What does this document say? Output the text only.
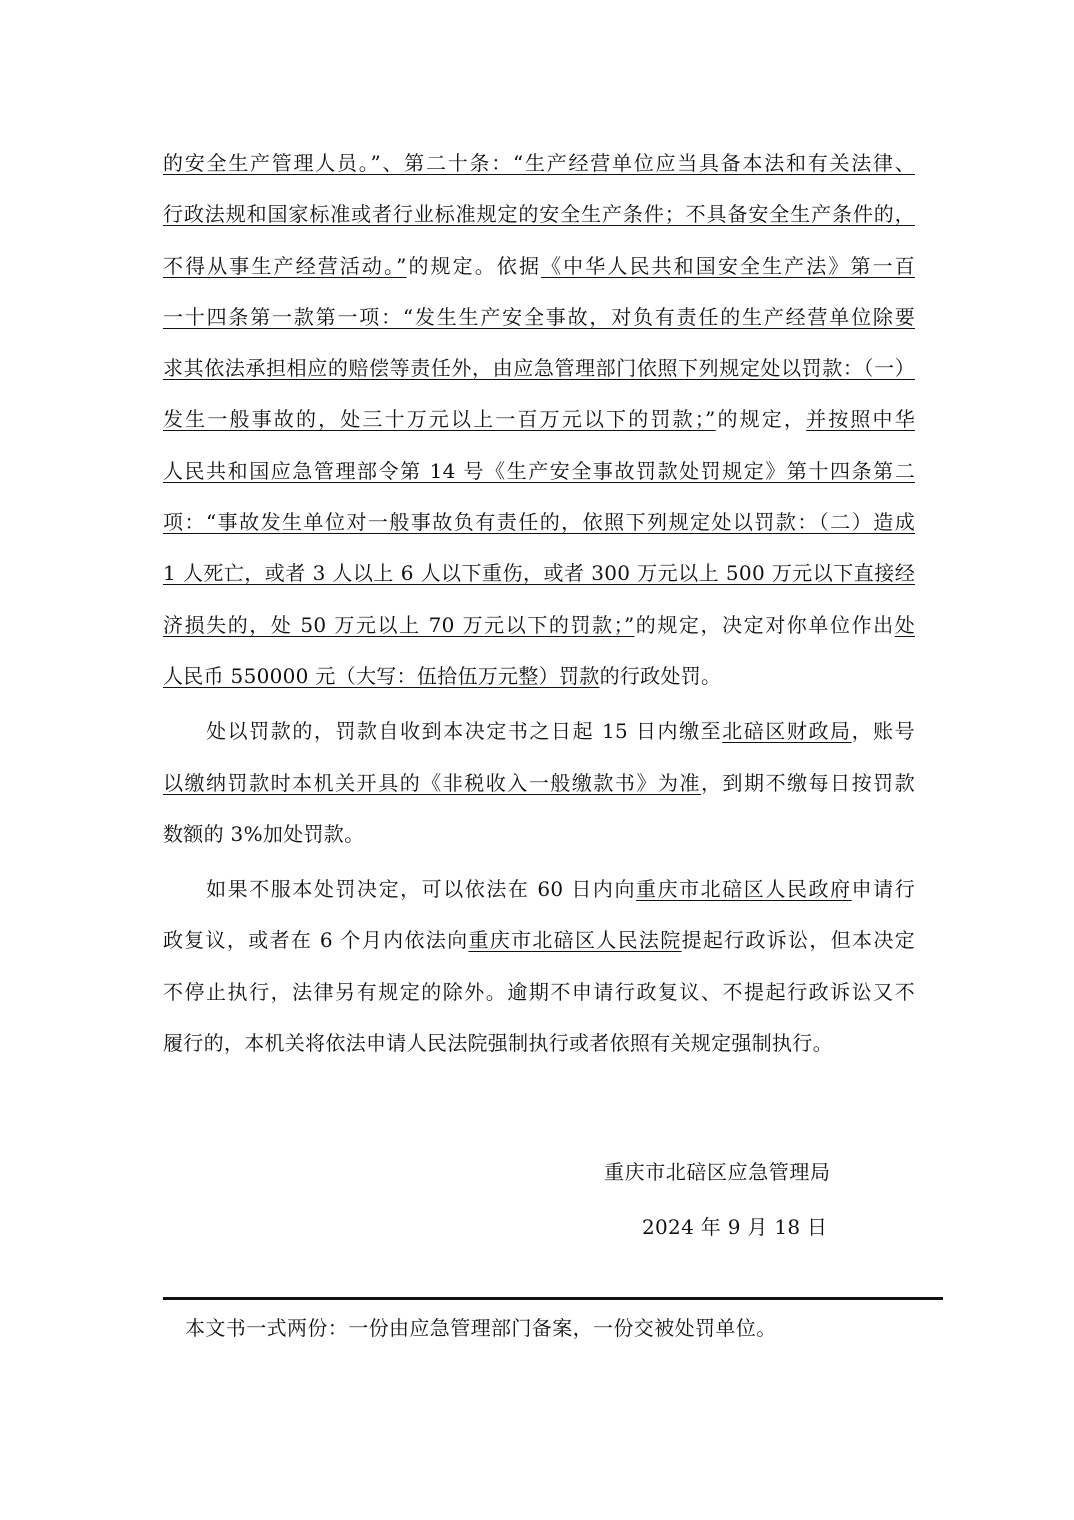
的安全生产管理人员。”、第二十条：“生产经营单位应当具备本法和有关法律、
行政法规和国家标准或者行业标准规定的安全生产条件；不具备安全生产条件的，
不得从事生产经营活动。”的规定。依据《中华人民共和国安全生产法》第一百
一十四条第一款第一项：“发生生产安全事故，对负有责任的生产经营单位除要
求其依法承担相应的赔偿等责任外，由应急管理部门依照下列规定处以罚款：（一）
发生一般事故的，处三十万元以上一百万元以下的罚款；”的规定，并按照中华
人民共和国应急管理部令第 14 号《生产安全事故罚款处罚规定》第十四条第二
项：“事故发生单位对一般事故负有责任的，依照下列规定处以罚款：（二）造成
1 人死亡，或者 3 人以上 6 人以下重伤，或者 300 万元以上 500 万元以下直接经
济损失的，处 50 万元以上 70 万元以下的罚款；”的规定，决定对你单位作出处
人民币 550000 元（大写：伍拾伍万元整）罚款的行政处罚。
　　处以罚款的，罚款自收到本决定书之日起 15 日内缴至北碚区财政局，账号
以缴纳罚款时本机关开具的《非税收入一般缴款书》为准，到期不缴每日按罚款
数额的 3%加处罚款。
　　如果不服本处罚决定，可以依法在 60 日内向重庆市北碚区人民政府申请行
政复议，或者在 6 个月内依法向重庆市北碚区人民法院提起行政诉讼，但本决定
不停止执行，法律另有规定的除外。逾期不申请行政复议、不提起行政诉讼又不
履行的，本机关将依法申请人民法院强制执行或者依照有关规定强制执行。
重庆市北碚区应急管理局
2024 年 9 月 18 日
本文书一式两份：一份由应急管理部门备案，一份交被处罚单位。
